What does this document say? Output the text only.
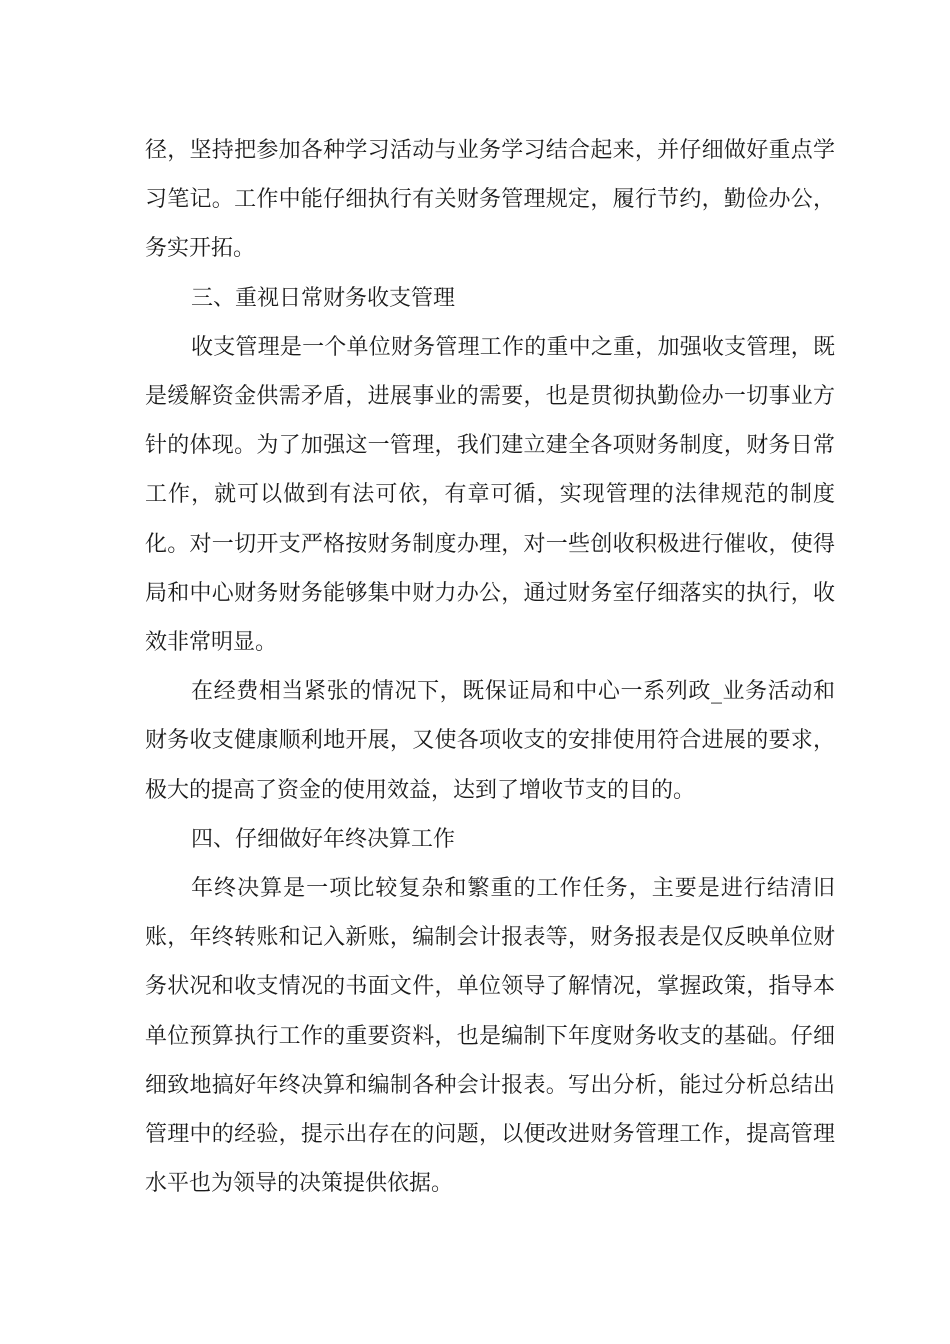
径，坚持把参加各种学习活动与业务学习结合起来，并仔细做好重点学习笔记。工作中能仔细执行有关财务管理规定，履行节约，勤俭办公，务实开拓。

三、重视日常财务收支管理

收支管理是一个单位财务管理工作的重中之重，加强收支管理，既是缓解资金供需矛盾，进展事业的需要，也是贯彻执勤俭办一切事业方针的体现。为了加强这一管理，我们建立建全各项财务制度，财务日常工作，就可以做到有法可依，有章可循，实现管理的法律规范的制度化。对一切开支严格按财务制度办理，对一些创收积极进行催收，使得局和中心财务财务能够集中财力办公，通过财务室仔细落实的执行，收效非常明显。

在经费相当紧张的情况下，既保证局和中心一系列政_业务活动和财务收支健康顺利地开展，又使各项收支的安排使用符合进展的要求，极大的提高了资金的使用效益，达到了增收节支的目的。

四、仔细做好年终决算工作

年终决算是一项比较复杂和繁重的工作任务，主要是进行结清旧账，年终转账和记入新账，编制会计报表等，财务报表是仅反映单位财务状况和收支情况的书面文件，单位领导了解情况，掌握政策，指导本单位预算执行工作的重要资料，也是编制下年度财务收支的基础。仔细细致地搞好年终决算和编制各种会计报表。写出分析，能过分析总结出管理中的经验，提示出存在的问题，以便改进财务管理工作，提高管理水平也为领导的决策提供依据。
